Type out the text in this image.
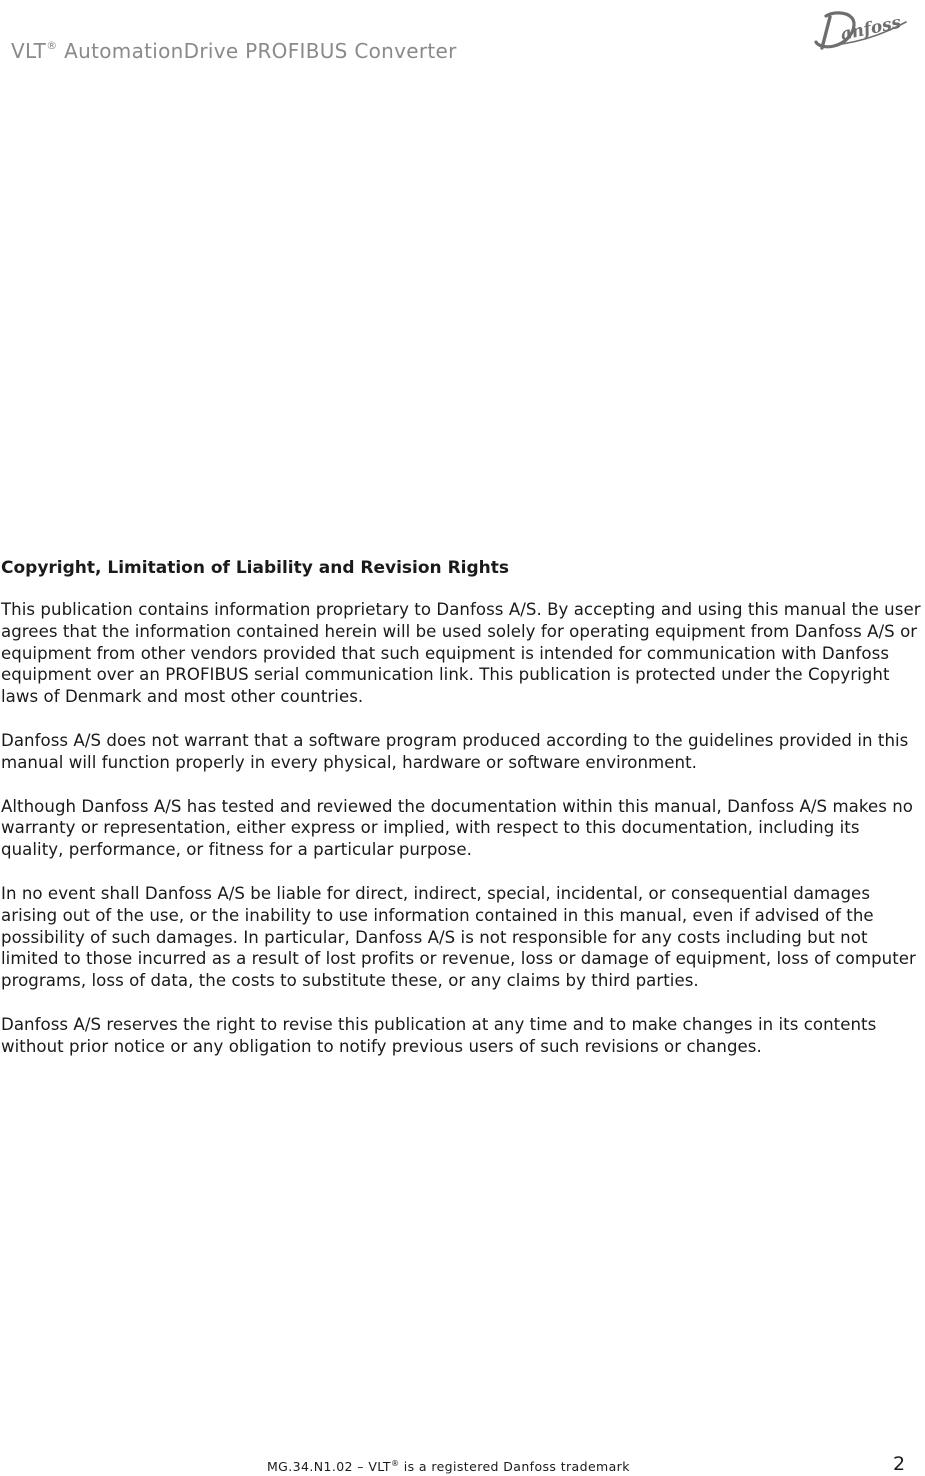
VLT® AutomationDrive PROFIBUS Converter
anfoss
Copyright, Limitation of Liability and Revision Rights

This publication contains information proprietary to Danfoss A/S. By accepting and using this manual the user agrees that the information contained herein will be used solely for operating equipment from Danfoss A/S or equipment from other vendors provided that such equipment is intended for communication with Danfoss equipment over an PROFIBUS serial communication link. This publication is protected under the Copyright laws of Denmark and most other countries.

Danfoss A/S does not warrant that a software program produced according to the guidelines provided in this manual will function properly in every physical, hardware or software environment.

Although Danfoss A/S has tested and reviewed the documentation within this manual, Danfoss A/S makes no warranty or representation, either express or implied, with respect to this documentation, including its quality, performance, or fitness for a particular purpose.

In no event shall Danfoss A/S be liable for direct, indirect, special, incidental, or consequential damages arising out of the use, or the inability to use information contained in this manual, even if advised of the possibility of such damages. In particular, Danfoss A/S is not responsible for any costs including but not limited to those incurred as a result of lost profits or revenue, loss or damage of equipment, loss of computer programs, loss of data, the costs to substitute these, or any claims by third parties.

Danfoss A/S reserves the right to revise this publication at any time and to make changes in its contents without prior notice or any obligation to notify previous users of such revisions or changes.

MG.34.N1.02 – VLT® is a registered Danfoss trademark	2
